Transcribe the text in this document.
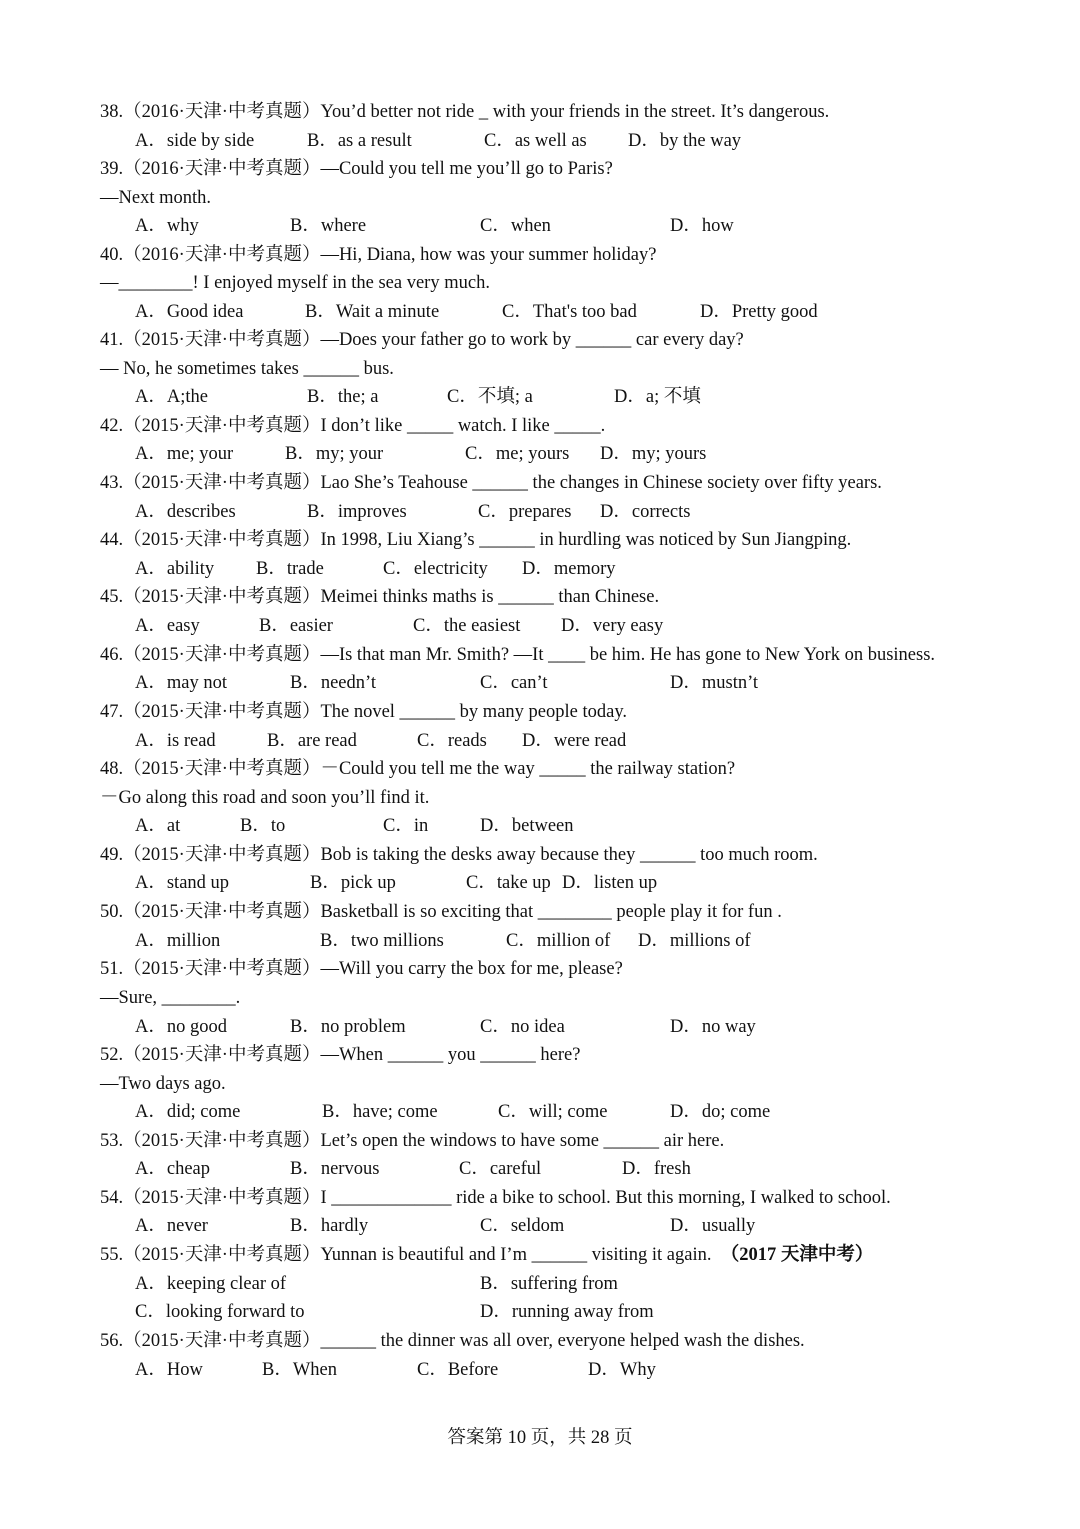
38.（2016·天津·中考真题）You’d better not ride _ with your friends in the street. It’s dangerous.
A．side by side	B．as a result	C．as well as D．by the way
39.（2016·天津·中考真题）—Could you tell me you’ll go to Paris?
—Next month.
A．why	B．where	C．when	D．how
40.（2016·天津·中考真题）—Hi, Diana, how was your summer holiday?
—________! I enjoyed myself in the sea very much.
A．Good idea	B．Wait a minute	C．That's too bad	D．Pretty good
41.（2015·天津·中考真题）—Does your father go to work by ______ car every day?
— No, he sometimes takes ______ bus.
A．A;the	B．the; a	C．不填; a	D．a; 不填
42.（2015·天津·中考真题）I don’t like _____ watch. I like _____.
A．me; your	B．my; your	C．me; yours D．my; yours
43.（2015·天津·中考真题）Lao She’s Teahouse ______ the changes in Chinese society over fifty years.
A．describes	B．improves	C．prepares D．corrects
44.（2015·天津·中考真题）In 1998, Liu Xiang’s ______ in hurdling was noticed by Sun Jiangping.
A．ability B．trade	C．electricity D．memory
45.（2015·天津·中考真题）Meimei thinks maths is ______ than Chinese.
A．easy	B．easier	C．the easiest D．very easy
46.（2015·天津·中考真题）—Is that man Mr. Smith? —It ____ be him. He has gone to New York on business.
A．may not	B．needn’t	C．can’t	D．mustn’t
47.（2015·天津·中考真题）The novel ______ by many people today.
A．is read	B．are read	C．reads D．were read
48.（2015·天津·中考真题）－Could you tell me the way _____ the railway station?
－Go along this road and soon you’ll find it.
A．at	B．to	C．in	D．between
49.（2015·天津·中考真题）Bob is taking the desks away because they ______ too much room.
A．stand up	B．pick up	C．take up D．listen up
50.（2015·天津·中考真题）Basketball is so exciting that ________ people play it for fun .
A．million	B．two millions	C．million of D．millions of
51.（2015·天津·中考真题）—Will you carry the box for me, please?
—Sure, ________.
A．no good	B．no problem	C．no idea	D．no way
52.（2015·天津·中考真题）—When ______ you ______ here?
—Two days ago.
A．did; come	B．have; come	C．will; come	D．do; come
53.（2015·天津·中考真题）Let’s open the windows to have some ______ air here.
A．cheap	B．nervous	C．careful	D．fresh
54.（2015·天津·中考真题）I _____________ ride a bike to school. But this morning, I walked to school.
A．never	B．hardly	C．seldom	D．usually
55.（2015·天津·中考真题）Yunnan is beautiful and I’m ______ visiting it again. （2017 天津中考）
A．keeping clear of	B．suffering from
C．looking forward to	D．running away from
56.（2015·天津·中考真题）______ the dinner was all over, everyone helped wash the dishes.
A．How	B．When	C．Before	D．Why
答案第 10 页，共 28 页
